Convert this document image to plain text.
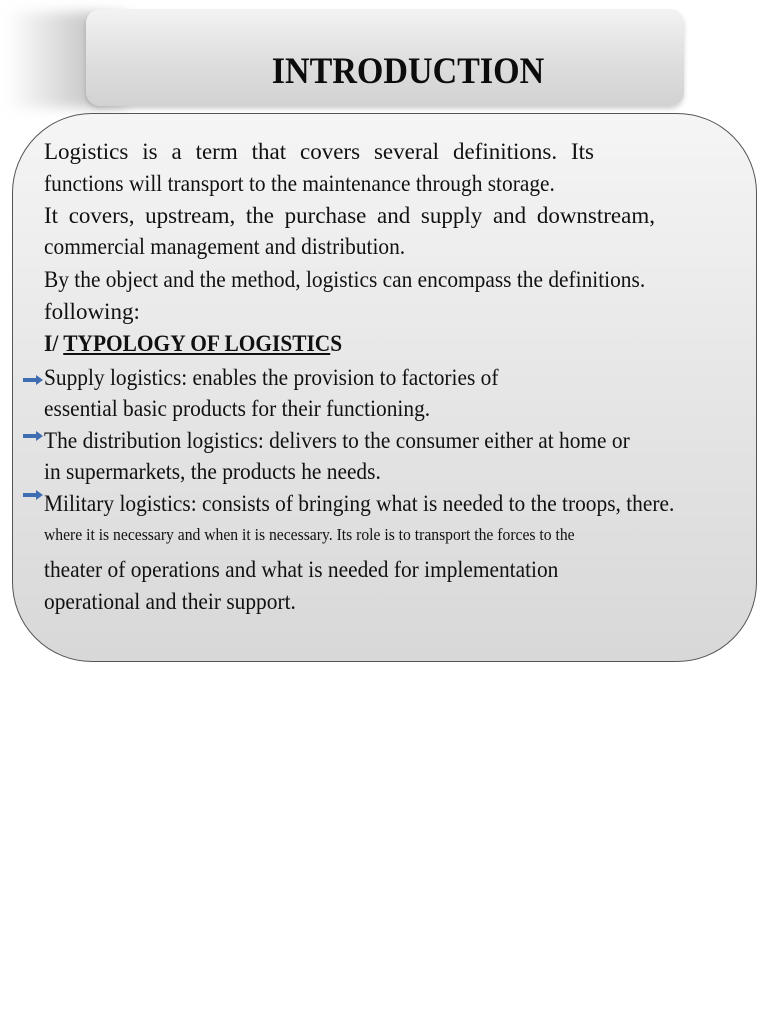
INTRODUCTION
Logistics is a term that covers several definitions. Its
functions will transport to the maintenance through storage.
It covers, upstream, the purchase and supply and downstream,
commercial management and distribution.
By the object and the method, logistics can encompass the definitions.
following:
I/ TYPOLOGY OF LOGISTICS
Supply logistics: enables the provision to factories of
essential basic products for their functioning.
The distribution logistics: delivers to the consumer either at home or
in supermarkets, the products he needs.
Military logistics: consists of bringing what is needed to the troops, there.
where it is necessary and when it is necessary. Its role is to transport the forces to the
theater of operations and what is needed for implementation
operational and their support.
